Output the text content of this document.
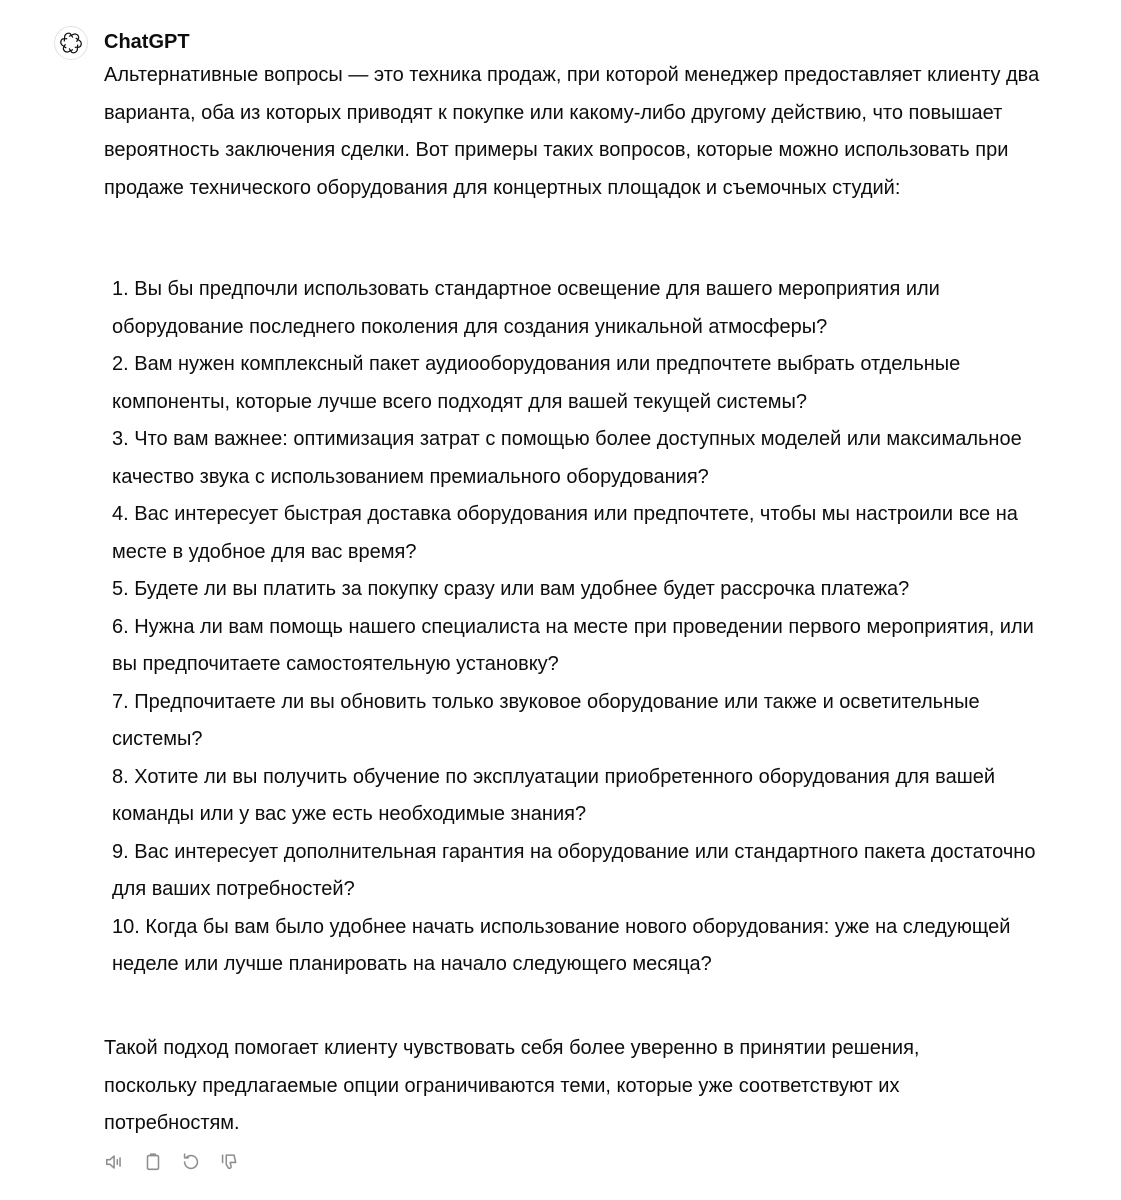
ChatGPT

Альтернативные вопросы — это техника продаж, при которой менеджер предоставляет клиенту два варианта, оба из которых приводят к покупке или какому-либо другому действию, что повышает вероятность заключения сделки. Вот примеры таких вопросов, которые можно использовать при продаже технического оборудования для концертных площадок и съемочных студий:

1. Вы бы предпочли использовать стандартное освещение для вашего мероприятия или оборудование последнего поколения для создания уникальной атмосферы?
2. Вам нужен комплексный пакет аудиооборудования или предпочтете выбрать отдельные компоненты, которые лучше всего подходят для вашей текущей системы?
3. Что вам важнее: оптимизация затрат с помощью более доступных моделей или максимальное качество звука с использованием премиального оборудования?
4. Вас интересует быстрая доставка оборудования или предпочтете, чтобы мы настроили все на месте в удобное для вас время?
5. Будете ли вы платить за покупку сразу или вам удобнее будет рассрочка платежа?
6. Нужна ли вам помощь нашего специалиста на месте при проведении первого мероприятия, или вы предпочитаете самостоятельную установку?
7. Предпочитаете ли вы обновить только звуковое оборудование или также и осветительные системы?
8. Хотите ли вы получить обучение по эксплуатации приобретенного оборудования для вашей команды или у вас уже есть необходимые знания?
9. Вас интересует дополнительная гарантия на оборудование или стандартного пакета достаточно для ваших потребностей?
10. Когда бы вам было удобнее начать использование нового оборудования: уже на следующей неделе или лучше планировать на начало следующего месяца?

Такой подход помогает клиенту чувствовать себя более уверенно в принятии решения, поскольку предлагаемые опции ограничиваются теми, которые уже соответствуют их потребностям.
